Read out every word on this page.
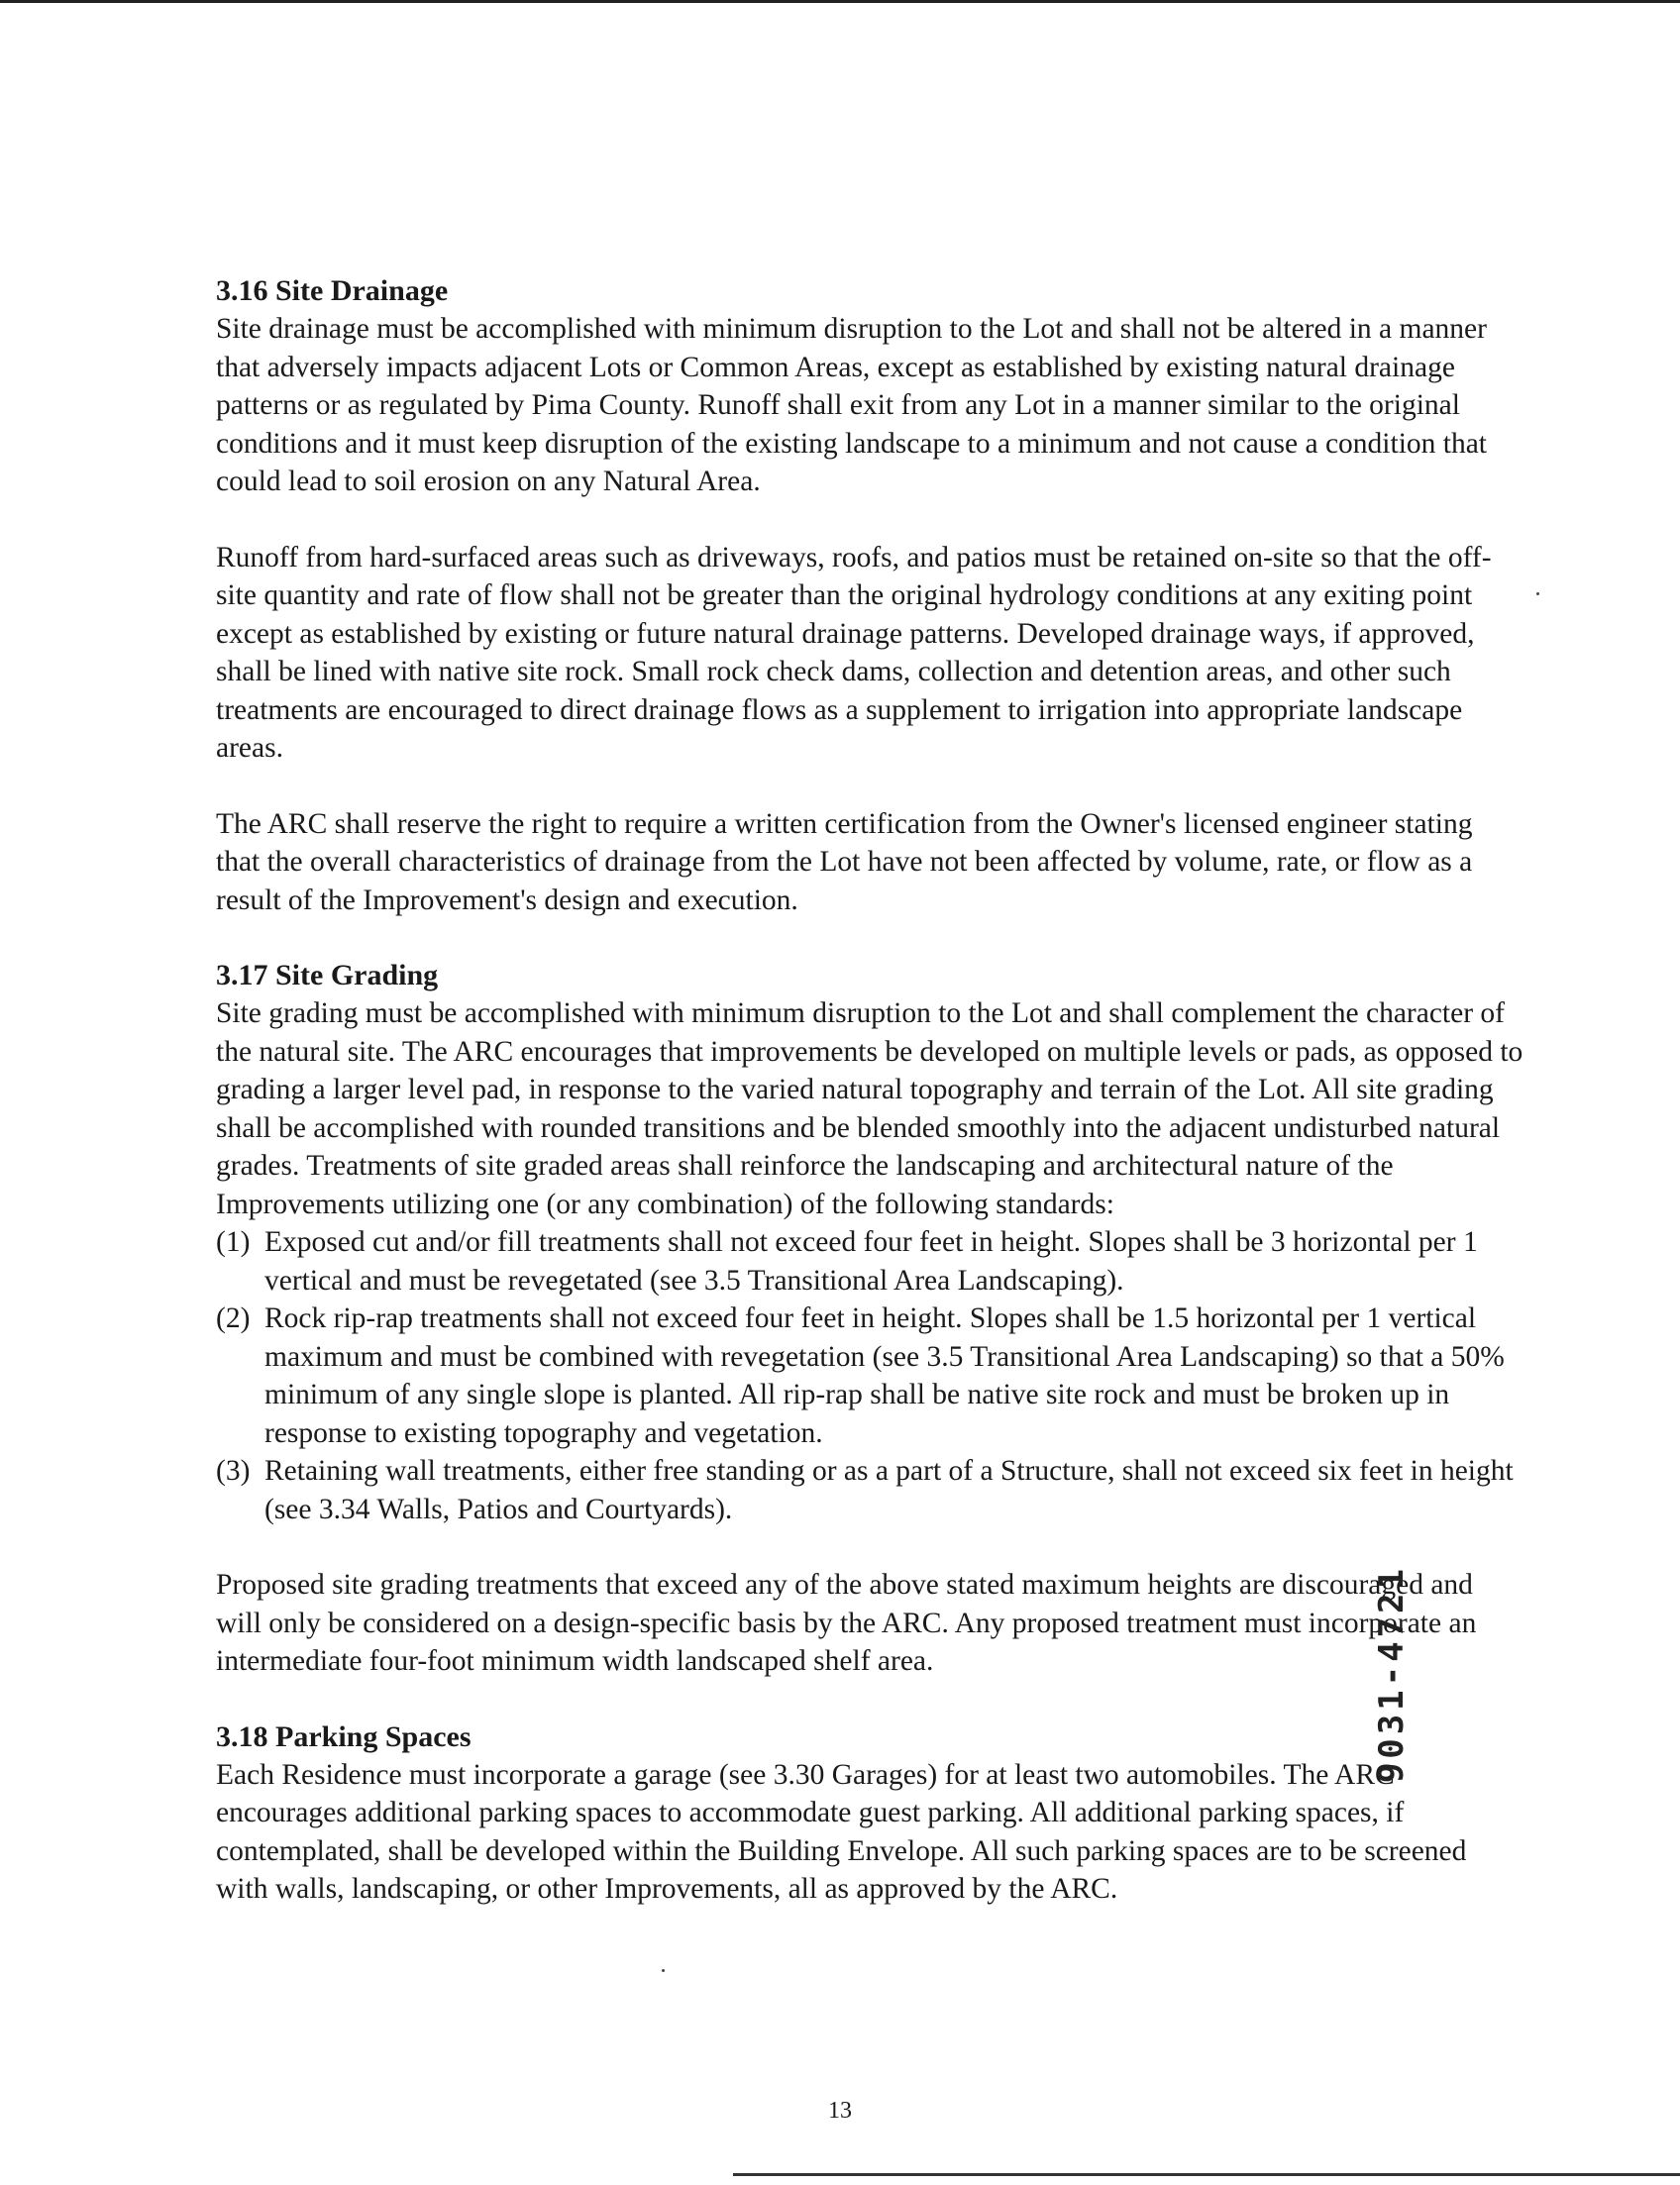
3.16 Site Drainage

Site drainage must be accomplished with minimum disruption to the Lot and shall not be altered in a manner that adversely impacts adjacent Lots or Common Areas, except as established by existing natural drainage patterns or as regulated by Pima County. Runoff shall exit from any Lot in a manner similar to the original conditions and it must keep disruption of the existing landscape to a minimum and not cause a condition that could lead to soil erosion on any Natural Area.

Runoff from hard-surfaced areas such as driveways, roofs, and patios must be retained on-site so that the off-site quantity and rate of flow shall not be greater than the original hydrology conditions at any exiting point except as established by existing or future natural drainage patterns. Developed drainage ways, if approved, shall be lined with native site rock. Small rock check dams, collection and detention areas, and other such treatments are encouraged to direct drainage flows as a supplement to irrigation into appropriate landscape areas.

The ARC shall reserve the right to require a written certification from the Owner's licensed engineer stating that the overall characteristics of drainage from the Lot have not been affected by volume, rate, or flow as a result of the Improvement's design and execution.

3.17 Site Grading

Site grading must be accomplished with minimum disruption to the Lot and shall complement the character of the natural site. The ARC encourages that improvements be developed on multiple levels or pads, as opposed to grading a larger level pad, in response to the varied natural topography and terrain of the Lot. All site grading shall be accomplished with rounded transitions and be blended smoothly into the adjacent undisturbed natural grades. Treatments of site graded areas shall reinforce the landscaping and architectural nature of the Improvements utilizing one (or any combination) of the following standards:

(1) Exposed cut and/or fill treatments shall not exceed four feet in height. Slopes shall be 3 horizontal per 1 vertical and must be revegetated (see 3.5 Transitional Area Landscaping).
(2) Rock rip-rap treatments shall not exceed four feet in height. Slopes shall be 1.5 horizontal per 1 vertical maximum and must be combined with revegetation (see 3.5 Transitional Area Landscaping) so that a 50% minimum of any single slope is planted. All rip-rap shall be native site rock and must be broken up in response to existing topography and vegetation.
(3) Retaining wall treatments, either free standing or as a part of a Structure, shall not exceed six feet in height (see 3.34 Walls, Patios and Courtyards).

Proposed site grading treatments that exceed any of the above stated maximum heights are discouraged and will only be considered on a design-specific basis by the ARC. Any proposed treatment must incorporate an intermediate four-foot minimum width landscaped shelf area.

3.18 Parking Spaces

Each Residence must incorporate a garage (see 3.30 Garages) for at least two automobiles. The ARC encourages additional parking spaces to accommodate guest parking. All additional parking spaces, if contemplated, shall be developed within the Building Envelope. All such parking spaces are to be screened with walls, landscaping, or other Improvements, all as approved by the ARC.

9031-4721
13
